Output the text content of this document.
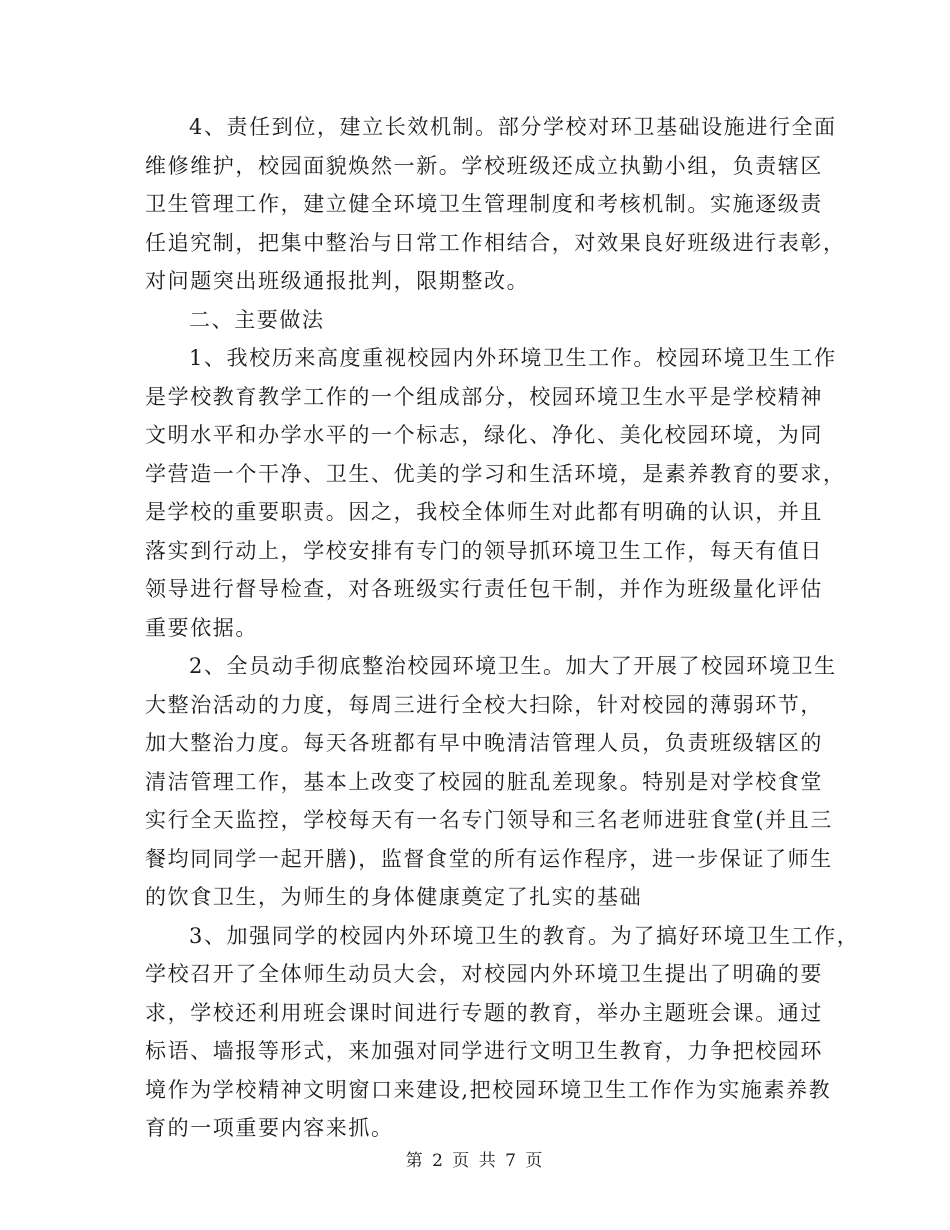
4、责任到位，建立长效机制。部分学校对环卫基础设施进行全面
维修维护，校园面貌焕然一新。学校班级还成立执勤小组，负责辖区
卫生管理工作，建立健全环境卫生管理制度和考核机制。实施逐级责
任追究制，把集中整治与日常工作相结合，对效果良好班级进行表彰，
对问题突出班级通报批判，限期整改。
二、主要做法
1、我校历来高度重视校园内外环境卫生工作。校园环境卫生工作
是学校教育教学工作的一个组成部分，校园环境卫生水平是学校精神
文明水平和办学水平的一个标志，绿化、净化、美化校园环境，为同
学营造一个干净、卫生、优美的学习和生活环境，是素养教育的要求，
是学校的重要职责。因之，我校全体师生对此都有明确的认识，并且
落实到行动上，学校安排有专门的领导抓环境卫生工作，每天有值日
领导进行督导检查，对各班级实行责任包干制，并作为班级量化评估
重要依据。
2、全员动手彻底整治校园环境卫生。加大了开展了校园环境卫生
大整治活动的力度，每周三进行全校大扫除，针对校园的薄弱环节，
加大整治力度。每天各班都有早中晚清洁管理人员，负责班级辖区的
清洁管理工作，基本上改变了校园的脏乱差现象。特别是对学校食堂
实行全天监控，学校每天有一名专门领导和三名老师进驻食堂(并且三
餐均同同学一起开膳)，监督食堂的所有运作程序，进一步保证了师生
的饮食卫生，为师生的身体健康奠定了扎实的基础
3、加强同学的校园内外环境卫生的教育。为了搞好环境卫生工作，
学校召开了全体师生动员大会，对校园内外环境卫生提出了明确的要
求，学校还利用班会课时间进行专题的教育，举办主题班会课。通过
标语、墙报等形式，来加强对同学进行文明卫生教育，力争把校园环
境作为学校精神文明窗口来建设,把校园环境卫生工作作为实施素养教
育的一项重要内容来抓。
第 2 页 共 7 页
